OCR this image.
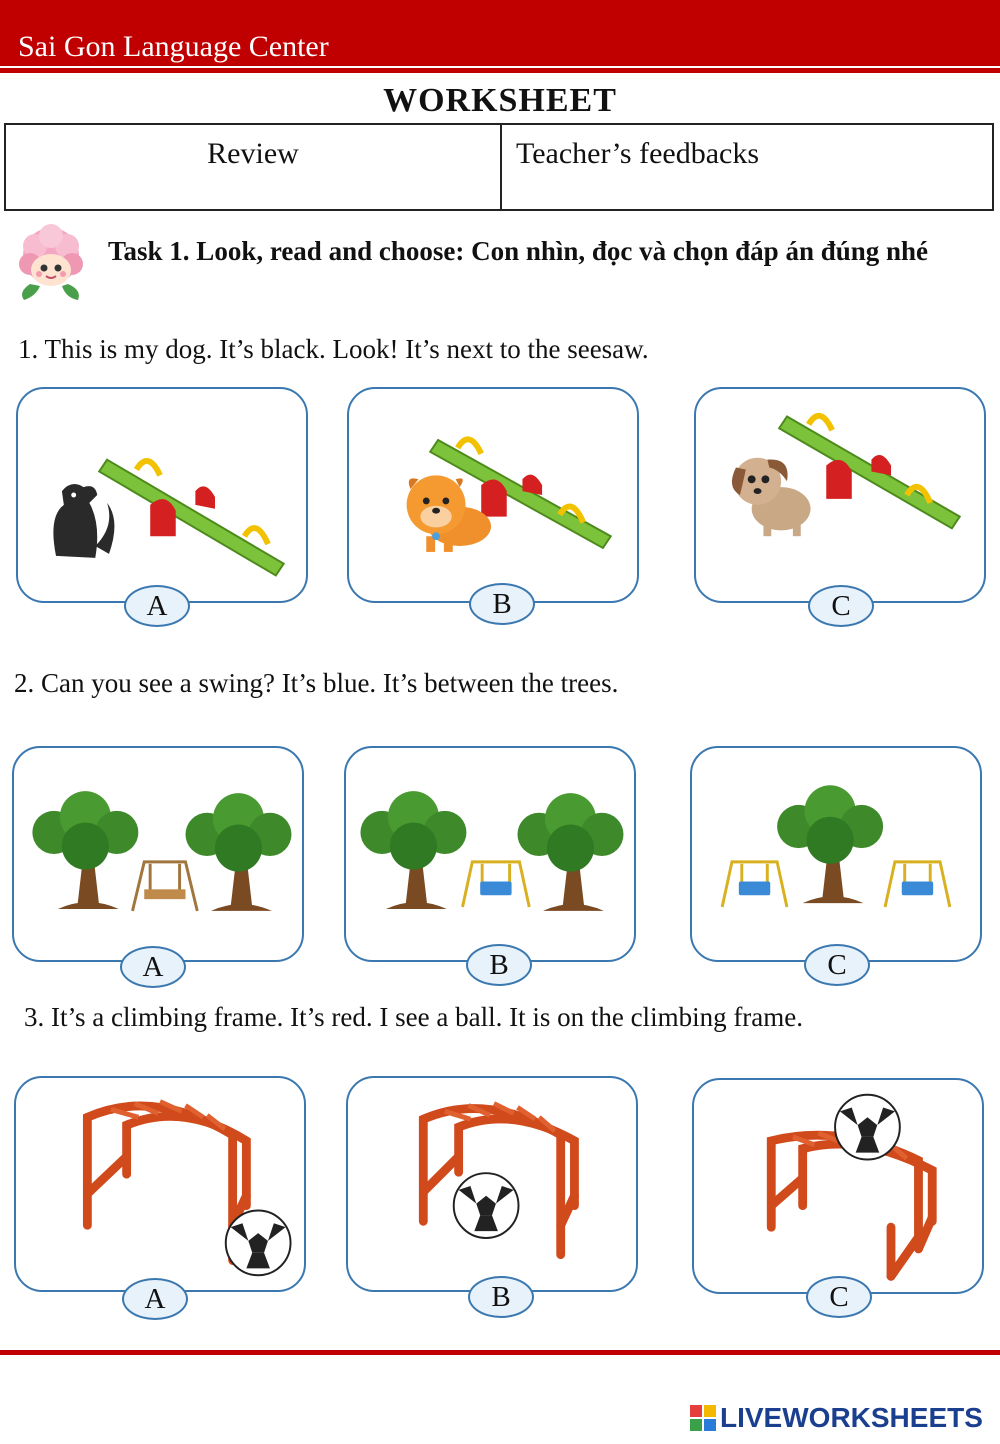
Sai Gon Language Center
WORKSHEET
Review	Teacher’s feedbacks
Task 1. Look, read and choose: Con nhìn, đọc và chọn đáp án đúng nhé
1. This is my dog. It’s black. Look! It’s next to the seesaw.
A	B	C
2. Can you see a swing? It’s blue. It’s between the trees.
A	B	C
3. It’s a climbing frame. It’s red. I see a ball. It is on the climbing frame.
A	B	C
LIVEWORKSHEETS
